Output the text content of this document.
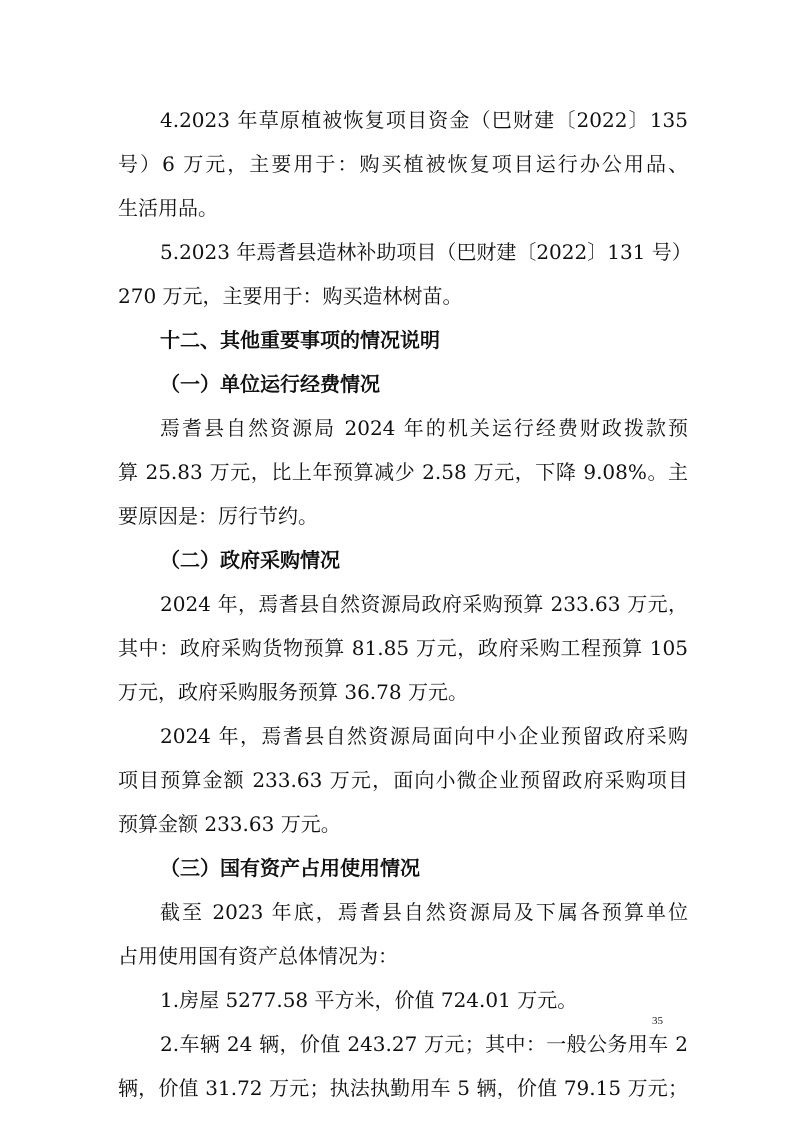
4.2023 年草原植被恢复项目资金（巴财建〔2022〕135
号）6 万元，主要用于：购买植被恢复项目运行办公用品、
生活用品。
5.2023 年焉耆县造林补助项目（巴财建〔2022〕131 号）
270 万元，主要用于：购买造林树苗。
十二、其他重要事项的情况说明
（一）单位运行经费情况
焉耆县自然资源局 2024 年的机关运行经费财政拨款预
算 25.83 万元，比上年预算减少 2.58 万元，下降 9.08%。主
要原因是：厉行节约。
（二）政府采购情况
2024 年，焉耆县自然资源局政府采购预算 233.63 万元，
其中：政府采购货物预算 81.85 万元，政府采购工程预算 105
万元，政府采购服务预算 36.78 万元。
2024 年，焉耆县自然资源局面向中小企业预留政府采购
项目预算金额 233.63 万元，面向小微企业预留政府采购项目
预算金额 233.63 万元。
（三）国有资产占用使用情况
截至 2023 年底，焉耆县自然资源局及下属各预算单位
占用使用国有资产总体情况为：
1.房屋 5277.58 平方米，价值 724.01 万元。
2.车辆 24 辆，价值 243.27 万元；其中：一般公务用车 2
辆，价值 31.72 万元；执法执勤用车 5 辆，价值 79.15 万元；
35
